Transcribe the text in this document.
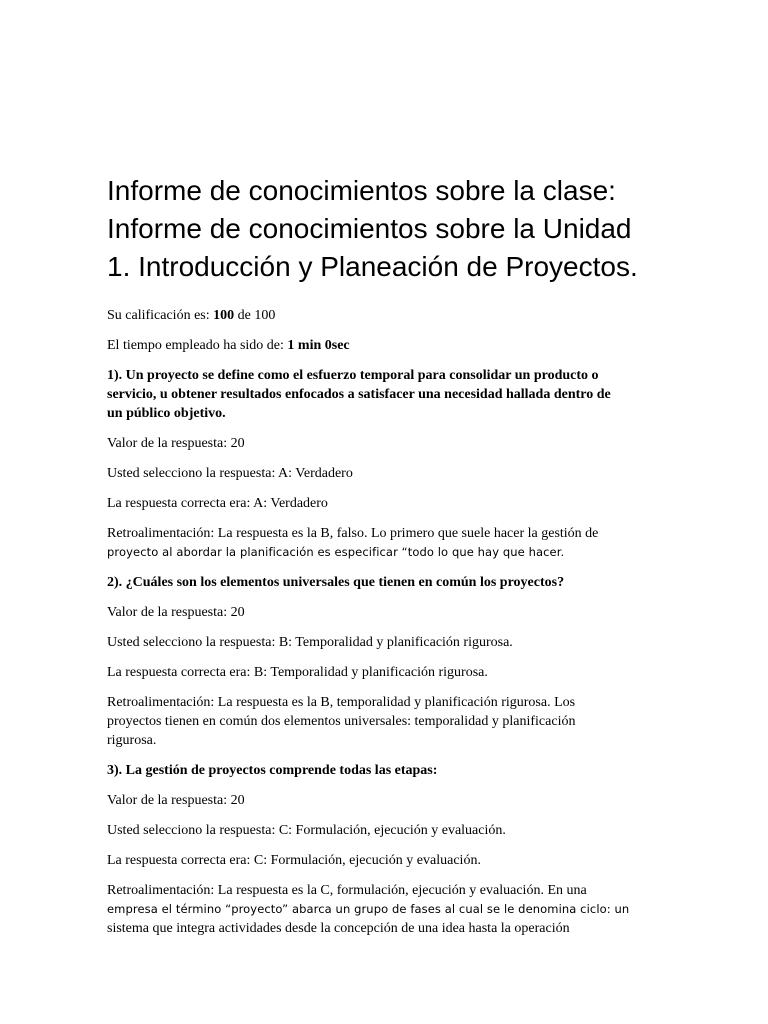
Informe de conocimientos sobre la clase:
Informe de conocimientos sobre la Unidad
1. Introducción y Planeación de Proyectos.

Su calificación es: 100 de 100

El tiempo empleado ha sido de: 1 min 0sec

1). Un proyecto se define como el esfuerzo temporal para consolidar un producto o
servicio, u obtener resultados enfocados a satisfacer una necesidad hallada dentro de
un público objetivo.

Valor de la respuesta: 20

Usted selecciono la respuesta: A: Verdadero

La respuesta correcta era: A: Verdadero

Retroalimentación: La respuesta es la B, falso. Lo primero que suele hacer la gestión de
proyecto al abordar la planificación es especificar “todo lo que hay que hacer.

2). ¿Cuáles son los elementos universales que tienen en común los proyectos?

Valor de la respuesta: 20

Usted selecciono la respuesta: B: Temporalidad y planificación rigurosa.

La respuesta correcta era: B: Temporalidad y planificación rigurosa.

Retroalimentación: La respuesta es la B, temporalidad y planificación rigurosa. Los
proyectos tienen en común dos elementos universales: temporalidad y planificación
rigurosa.

3). La gestión de proyectos comprende todas las etapas:

Valor de la respuesta: 20

Usted selecciono la respuesta: C: Formulación, ejecución y evaluación.

La respuesta correcta era: C: Formulación, ejecución y evaluación.

Retroalimentación: La respuesta es la C, formulación, ejecución y evaluación. En una
empresa el término “proyecto” abarca un grupo de fases al cual se le denomina ciclo: un
sistema que integra actividades desde la concepción de una idea hasta la operación
